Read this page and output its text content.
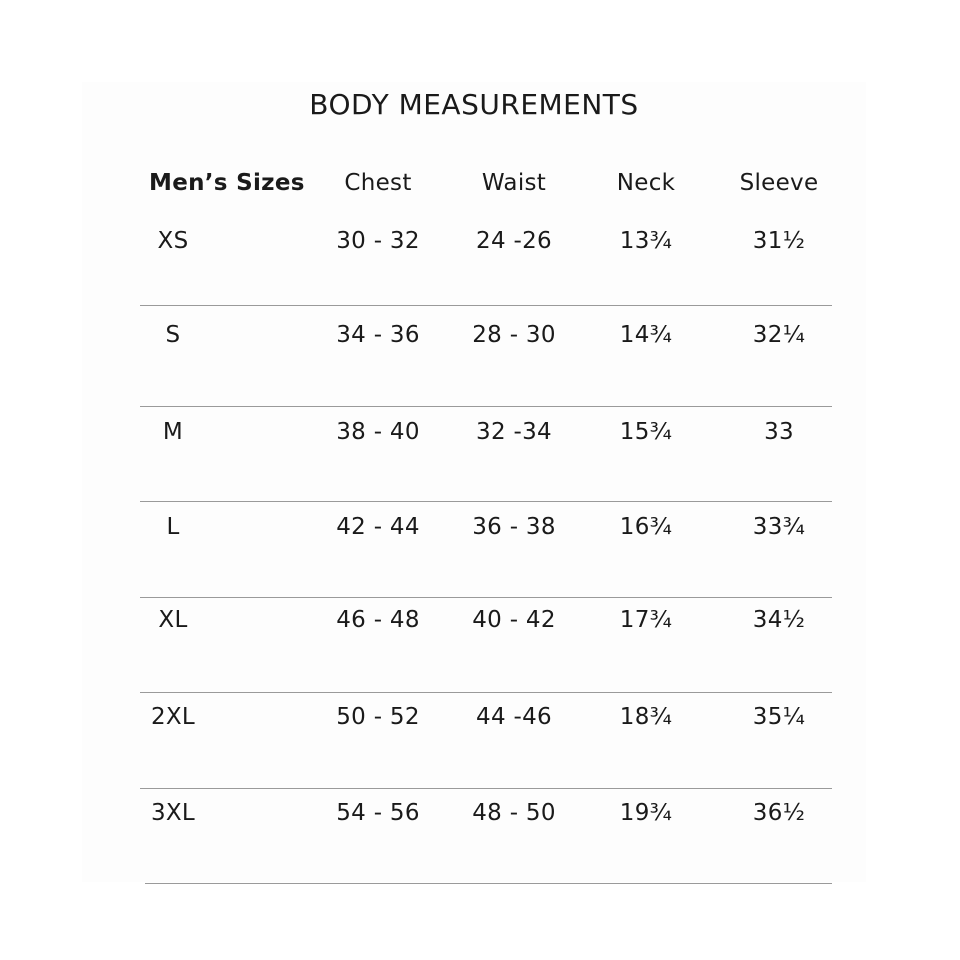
BODY MEASUREMENTS
Men’s Sizes	Chest	Waist	Neck	Sleeve
XS	30 - 32	24 -26	13¾	31½
S	34 - 36	28 - 30	14¾	32¼
M	38 - 40	32 -34	15¾	33
L	42 - 44	36 - 38	16¾	33¾
XL	46 - 48	40 - 42	17¾	34½
2XL	50 - 52	44 -46	18¾	35¼
3XL	54 - 56	48 - 50	19¾	36½
